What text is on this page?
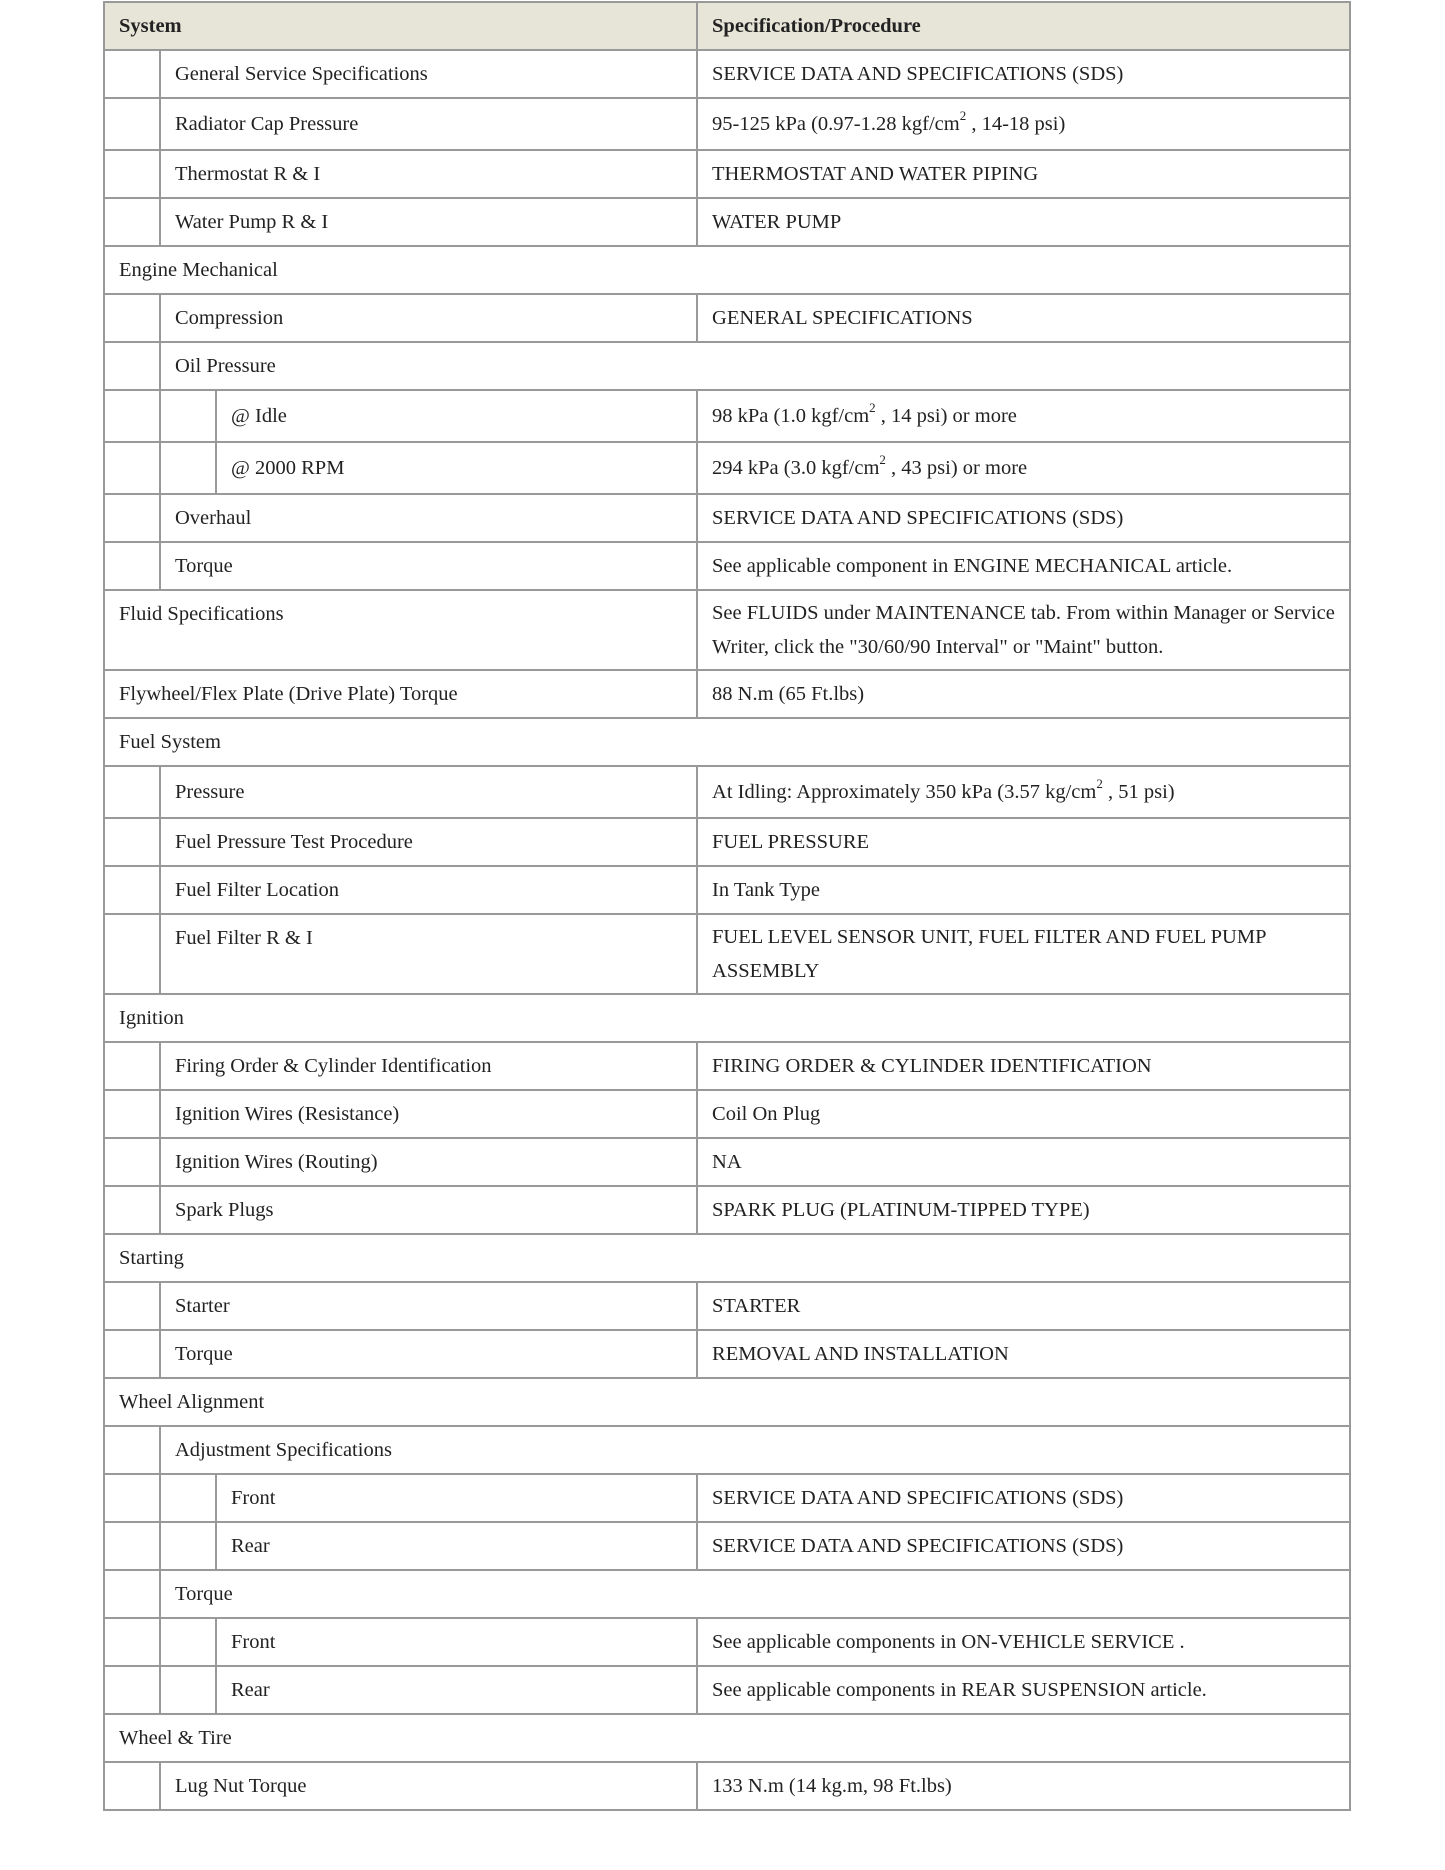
System			Specification/Procedure
	General Service Specifications		SERVICE DATA AND SPECIFICATIONS (SDS)
	Radiator Cap Pressure		95-125 kPa (0.97-1.28 kgf/$cm^2$ , 14-18 psi)
	Thermostat R & I		THERMOSTAT AND WATER PIPING
	Water Pump R & I		WATER PUMP
Engine Mechanical			
	Compression		GENERAL SPECIFICATIONS
	Oil Pressure		
		@ Idle	98 kPa (1.0 kgf/$cm^2$ , 14 psi) or more
		@ 2000 RPM	294 kPa (3.0 kgf/$cm^2$ , 43 psi) or more
	Overhaul		SERVICE DATA AND SPECIFICATIONS (SDS)
	Torque		See applicable component in ENGINE MECHANICAL article.
Fluid Specifications			See FLUIDS under MAINTENANCE tab. From within Manager or Service Writer, click the "30/60/90 Interval" or "Maint" button.
Flywheel/Flex Plate (Drive Plate) Torque			88 N.m (65 Ft.lbs)
Fuel System			
	Pressure		At Idling: Approximately 350 kPa (3.57 $kg/cm^2$ , 51 psi)
	Fuel Pressure Test Procedure		FUEL PRESSURE
	Fuel Filter Location		In Tank Type
	Fuel Filter R & I		FUEL LEVEL SENSOR UNIT, FUEL FILTER AND FUEL PUMP ASSEMBLY
Ignition			
	Firing Order & Cylinder Identification		FIRING ORDER & CYLINDER IDENTIFICATION
	Ignition Wires (Resistance)		Coil On Plug
	Ignition Wires (Routing)		NA
	Spark Plugs		SPARK PLUG (PLATINUM-TIPPED TYPE)
Starting			
	Starter		STARTER
	Torque		REMOVAL AND INSTALLATION
Wheel Alignment			
	Adjustment Specifications		
		Front	SERVICE DATA AND SPECIFICATIONS (SDS)
		Rear	SERVICE DATA AND SPECIFICATIONS (SDS)
	Torque		
		Front	See applicable components in ON-VEHICLE SERVICE .
		Rear	See applicable components in REAR SUSPENSION article.
Wheel & Tire			
	Lug Nut Torque		133 N.m (14 kg.m, 98 Ft.lbs)
